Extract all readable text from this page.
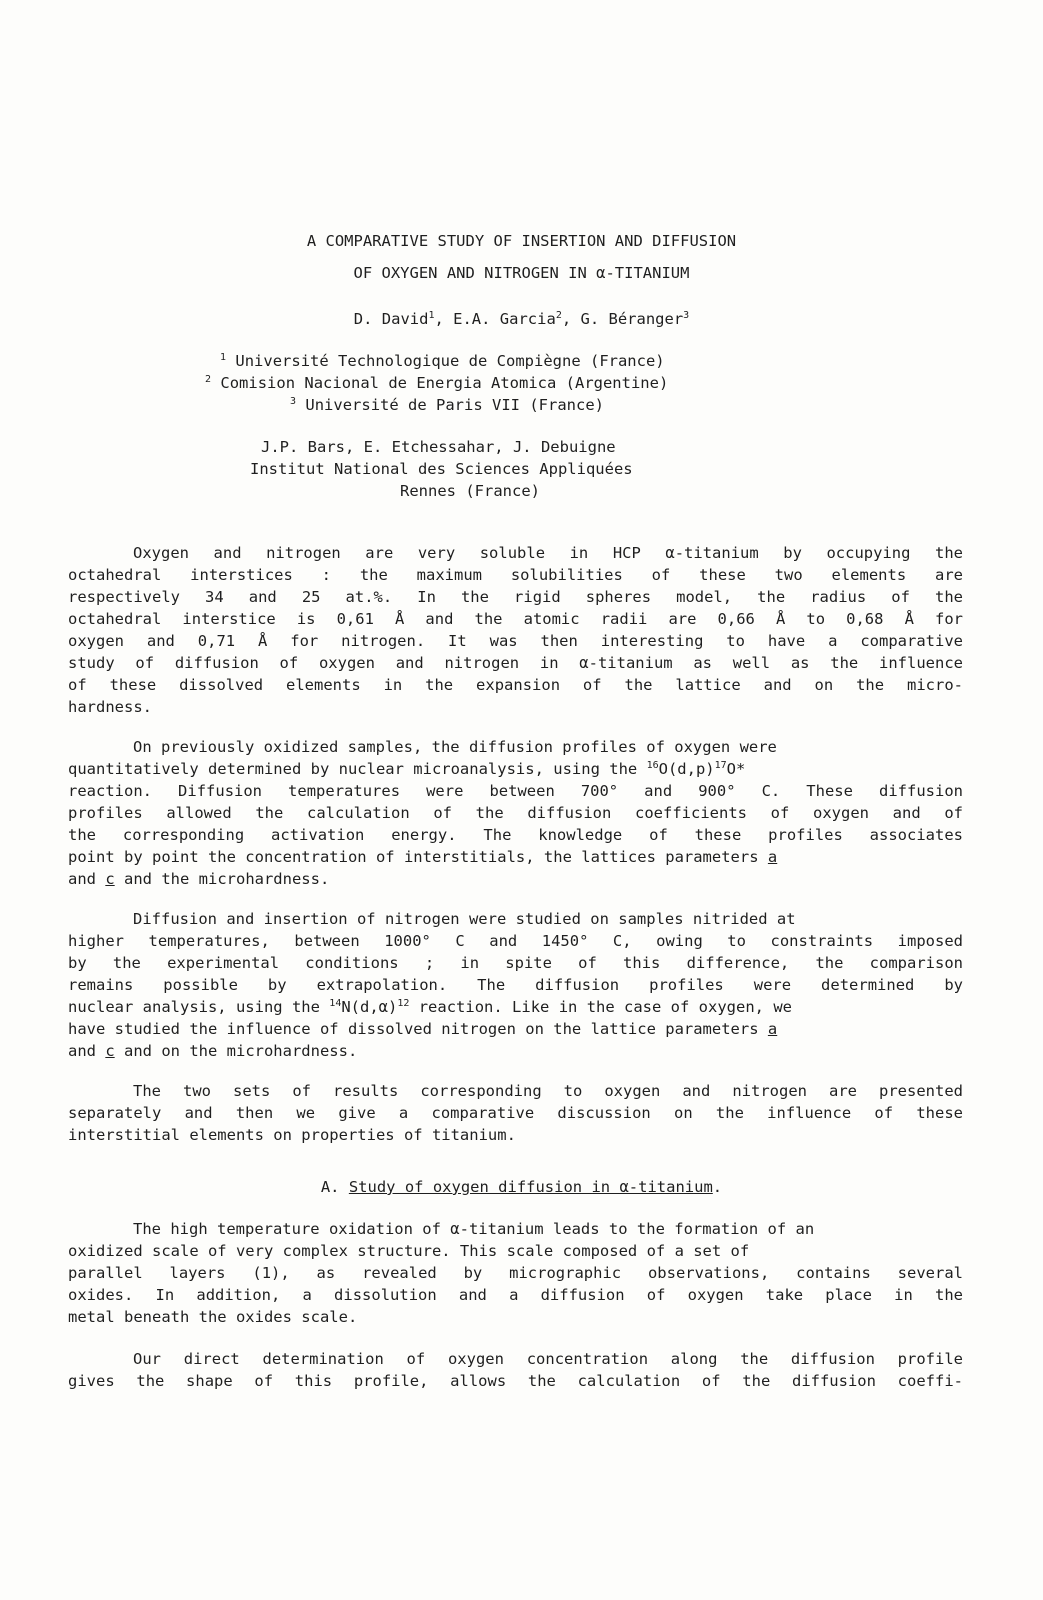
A COMPARATIVE STUDY OF INSERTION AND DIFFUSION
OF OXYGEN AND NITROGEN IN α-TITANIUM
D. David$^1$, E.A. Garcia$^2$, G. Béranger$^3$
$^1$ Université Technologique de Compiègne (France)
$^2$ Comision Nacional de Energia Atomica (Argentine)
$^3$ Université de Paris VII (France)
J.P. Bars, E. Etchessahar, J. Debuigne
Institut National des Sciences Appliquées
Rennes (France)
Oxygen and nitrogen are very soluble in HCP α-titanium by occupying the
octahedral interstices : the maximum solubilities of these two elements are
respectively 34 and 25 at.%. In the rigid spheres model, the radius of the
octahedral interstice is 0,61 Å and the atomic radii are 0,66 Å to 0,68 Å for
oxygen and 0,71 Å for nitrogen. It was then interesting to have a comparative
study of diffusion of oxygen and nitrogen in α-titanium as well as the influence
of these dissolved elements in the expansion of the lattice and on the micro-
hardness.
On previously oxidized samples, the diffusion profiles of oxygen were
quantitatively determined by nuclear microanalysis, using the $^{16}O(d,p)^{17}O*$
reaction. Diffusion temperatures were between 700° and 900° C. These diffusion
profiles allowed the calculation of the diffusion coefficients of oxygen and of
the corresponding activation energy. The knowledge of these profiles associates
point by point the concentration of interstitials, the lattices parameters a
and c and the microhardness.
Diffusion and insertion of nitrogen were studied on samples nitrided at
higher temperatures, between 1000° C and 1450° C, owing to constraints imposed
by the experimental conditions ; in spite of this difference, the comparison
remains possible by extrapolation. The diffusion profiles were determined by
nuclear analysis, using the $^{14}N(d,\alpha)^{12}$ reaction. Like in the case of oxygen, we
have studied the influence of dissolved nitrogen on the lattice parameters a
and c and on the microhardness.
The two sets of results corresponding to oxygen and nitrogen are presented
separately and then we give a comparative discussion on the influence of these
interstitial elements on properties of titanium.
A. Study of oxygen diffusion in α-titanium.
The high temperature oxidation of α-titanium leads to the formation of an
oxidized scale of very complex structure. This scale composed of a set of
parallel layers (1), as revealed by micrographic observations, contains several
oxides. In addition, a dissolution and a diffusion of oxygen take place in the
metal beneath the oxides scale.
Our direct determination of oxygen concentration along the diffusion profile
gives the shape of this profile, allows the calculation of the diffusion coeffi-
